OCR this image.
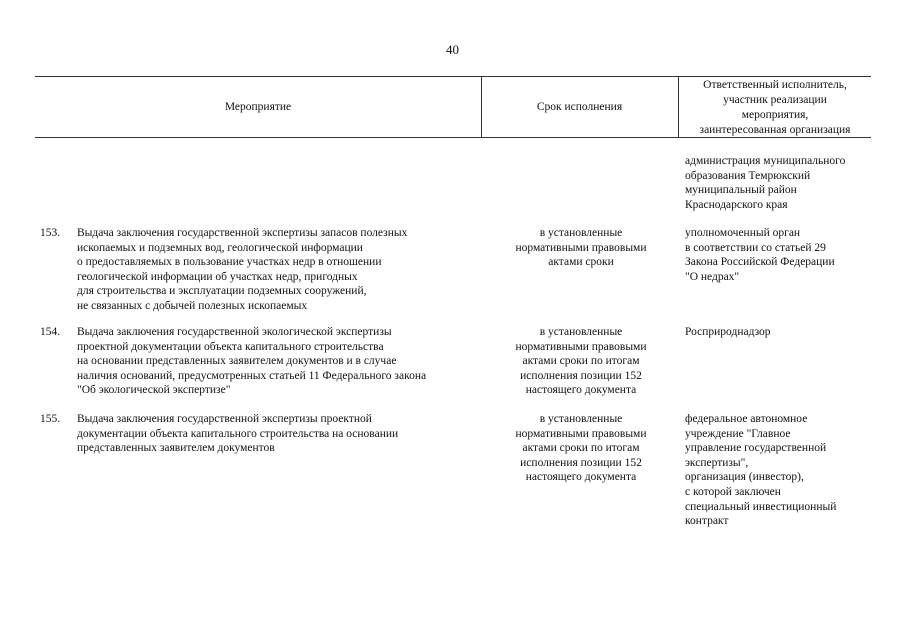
40
Мероприятие	Срок исполнения
Ответственный исполнитель,
участник реализации
мероприятия,
заинтересованная организация
администрация муниципального
образования Темрюкский
муниципальный район
Краснодарского края
153. Выдача заключения государственной экспертизы запасов полезных
ископаемых и подземных вод, геологической информации
о предоставляемых в пользование участках недр в отношении
геологической информации об участках недр, пригодных
для строительства и эксплуатации подземных сооружений,
не связанных с добычей полезных ископаемых
в установленные
нормативными правовыми
актами сроки
уполномоченный орган
в соответствии со статьей 29
Закона Российской Федерации
"О недрах"
154. Выдача заключения государственной экологической экспертизы
проектной документации объекта капитального строительства
на основании представленных заявителем документов и в случае
наличия оснований, предусмотренных статьей 11 Федерального закона
"Об экологической экспертизе"
в установленные
нормативными правовыми
актами сроки по итогам
исполнения позиции 152
настоящего документа
Росприроднадзор
155. Выдача заключения государственной экспертизы проектной
документации объекта капитального строительства на основании
представленных заявителем документов
в установленные
нормативными правовыми
актами сроки по итогам
исполнения позиции 152
настоящего документа
федеральное автономное
учреждение "Главное
управление государственной
экспертизы",
организация (инвестор),
с которой заключен
специальный инвестиционный
контракт
